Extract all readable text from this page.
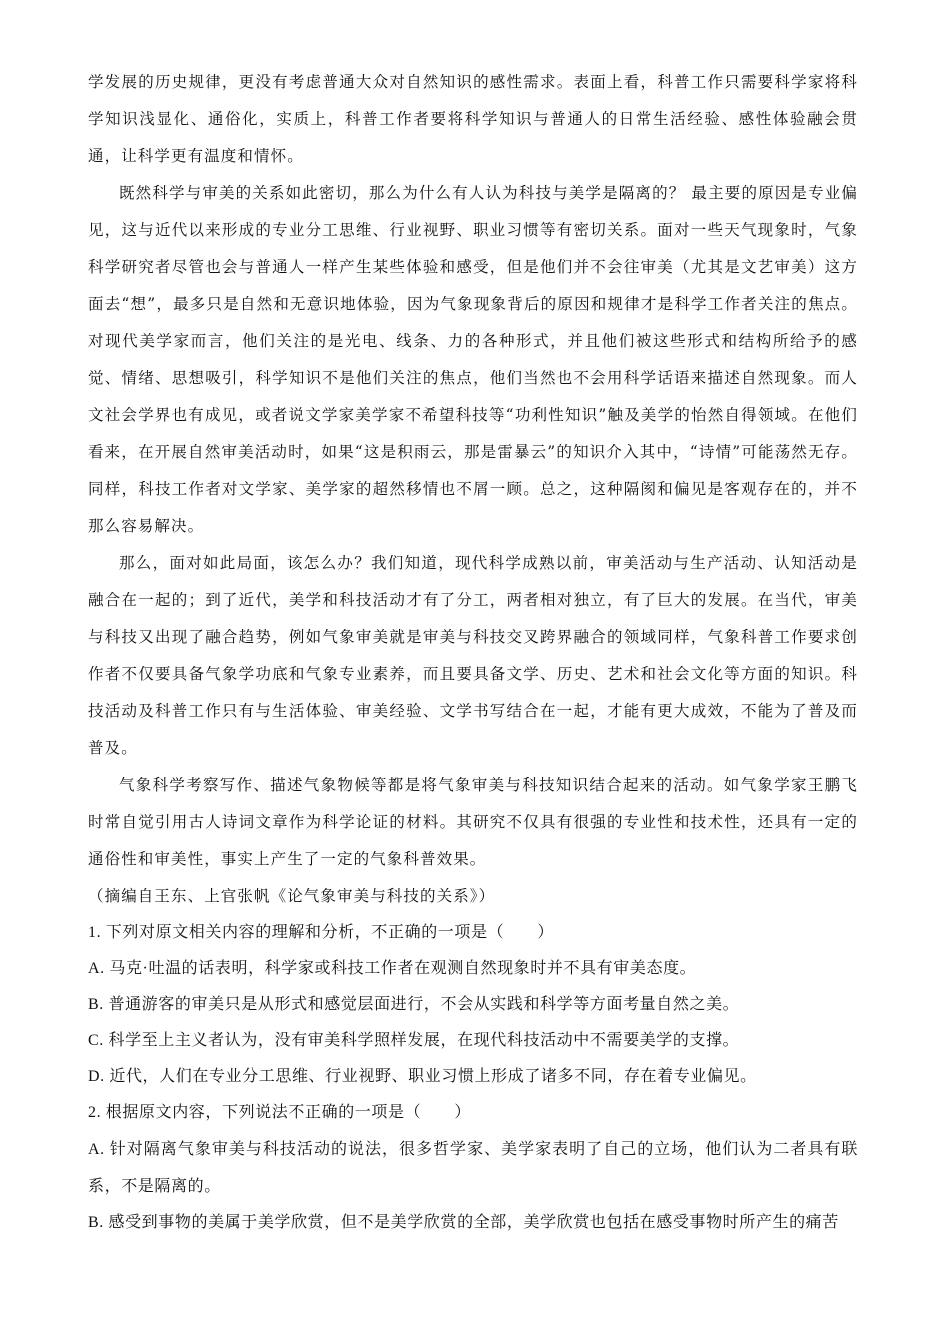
学发展的历史规律，更没有考虑普通大众对自然知识的感性需求。表面上看，科普工作只需要科学家将科学知识浅显化、通俗化，实质上，科普工作者要将科学知识与普通人的日常生活经验、感性体验融会贯通，让科学更有温度和情怀。

既然科学与审美的关系如此密切，那么为什么有人认为科技与美学是隔离的？ 最主要的原因是专业偏见，这与近代以来形成的专业分工思维、行业视野、职业习惯等有密切关系。面对一些天气现象时，气象科学研究者尽管也会与普通人一样产生某些体验和感受，但是他们并不会往审美（尤其是文艺审美）这方面去“想”，最多只是自然和无意识地体验，因为气象现象背后的原因和规律才是科学工作者关注的焦点。对现代美学家而言，他们关注的是光电、线条、力的各种形式，并且他们被这些形式和结构所给予的感觉、情绪、思想吸引，科学知识不是他们关注的焦点，他们当然也不会用科学话语来描述自然现象。而人文社会学界也有成见，或者说文学家美学家不希望科技等“功利性知识”触及美学的怡然自得领域。在他们看来，在开展自然审美活动时，如果“这是积雨云，那是雷暴云”的知识介入其中，“诗情”可能荡然无存。同样，科技工作者对文学家、美学家的超然移情也不屑一顾。总之，这种隔阂和偏见是客观存在的，并不那么容易解决。

那么，面对如此局面，该怎么办？我们知道，现代科学成熟以前，审美活动与生产活动、认知活动是融合在一起的；到了近代，美学和科技活动才有了分工，两者相对独立，有了巨大的发展。在当代，审美与科技又出现了融合趋势，例如气象审美就是审美与科技交叉跨界融合的领域同样，气象科普工作要求创作者不仅要具备气象学功底和气象专业素养，而且要具备文学、历史、艺术和社会文化等方面的知识。科技活动及科普工作只有与生活体验、审美经验、文学书写结合在一起，才能有更大成效，不能为了普及而普及。

气象科学考察写作、描述气象物候等都是将气象审美与科技知识结合起来的活动。如气象学家王鹏飞时常自觉引用古人诗词文章作为科学论证的材料。其研究不仅具有很强的专业性和技术性，还具有一定的通俗性和审美性，事实上产生了一定的气象科普效果。

（摘编自王东、上官张帆《论气象审美与科技的关系》）

1. 下列对原文相关内容的理解和分析，不正确的一项是（　　）

A. 马克·吐温的话表明，科学家或科技工作者在观测自然现象时并不具有审美态度。

B. 普通游客的审美只是从形式和感觉层面进行，不会从实践和科学等方面考量自然之美。

C. 科学至上主义者认为，没有审美科学照样发展，在现代科技活动中不需要美学的支撑。

D. 近代，人们在专业分工思维、行业视野、职业习惯上形成了诸多不同，存在着专业偏见。

2. 根据原文内容，下列说法不正确的一项是（　　）

A. 针对隔离气象审美与科技活动的说法，很多哲学家、美学家表明了自己的立场，他们认为二者具有联系，不是隔离的。

B. 感受到事物的美属于美学欣赏，但不是美学欣赏的全部，美学欣赏也包括在感受事物时所产生的痛苦
